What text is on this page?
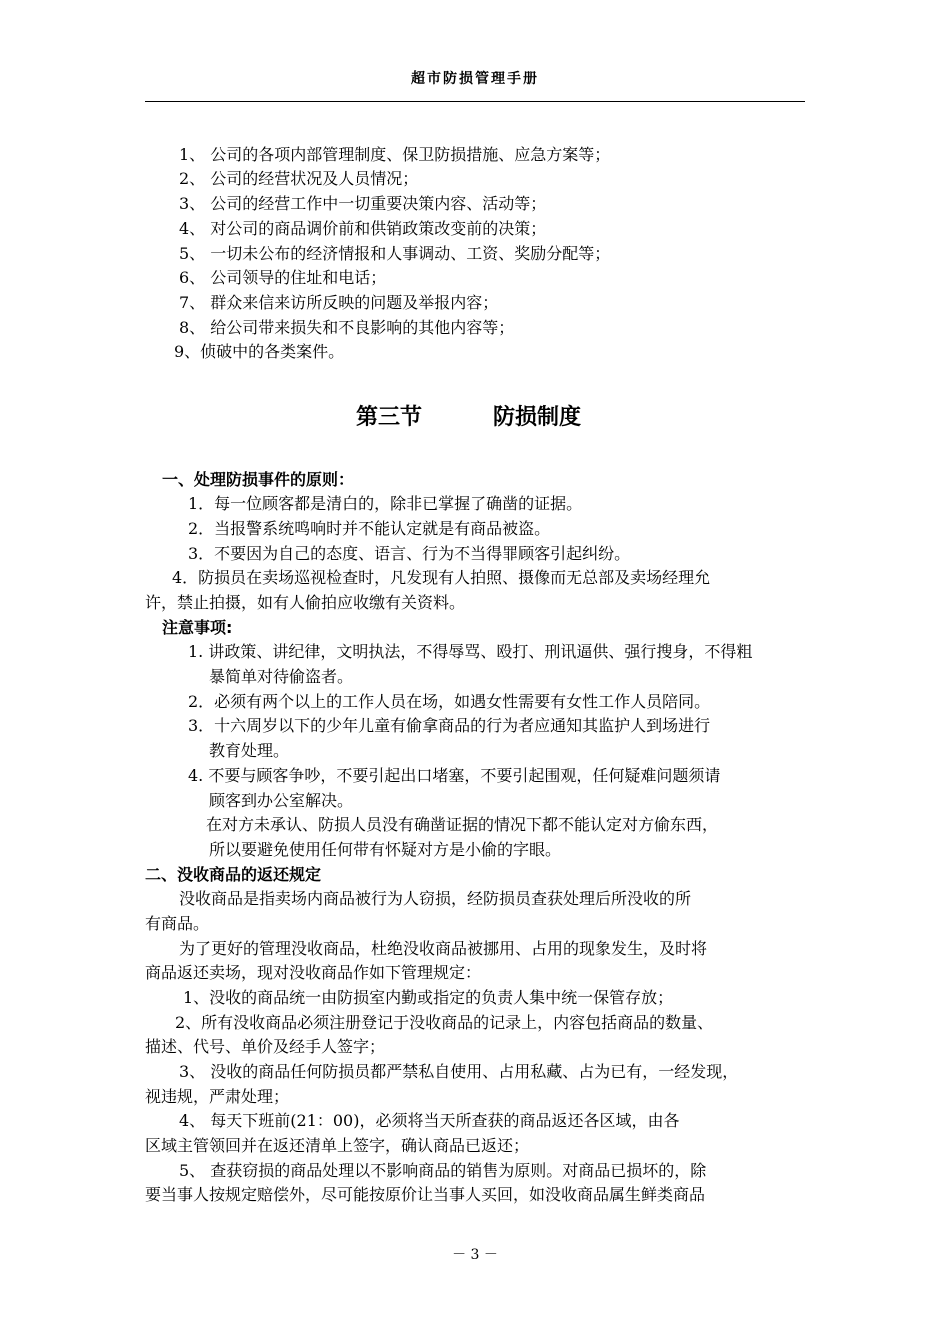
超市防损管理手册
1、 公司的各项内部管理制度、保卫防损措施、应急方案等；
2、 公司的经营状况及人员情况；
3、 公司的经营工作中一切重要决策内容、活动等；
4、 对公司的商品调价前和供销政策改变前的决策；
5、 一切未公布的经济情报和人事调动、工资、奖励分配等；
6、 公司领导的住址和电话；
7、 群众来信来访所反映的问题及举报内容；
8、 给公司带来损失和不良影响的其他内容等；
9、侦破中的各类案件。
第三节	防损制度
一、处理防损事件的原则：
1．每一位顾客都是清白的，除非已掌握了确凿的证据。
2．当报警系统鸣响时并不能认定就是有商品被盗。
3．不要因为自己的态度、语言、行为不当得罪顾客引起纠纷。
4．防损员在卖场巡视检查时，凡发现有人拍照、摄像而无总部及卖场经理允
许，禁止拍摄，如有人偷拍应收缴有关资料。
注意事项:
1. 讲政策、讲纪律，文明执法，不得辱骂、殴打、刑讯逼供、强行搜身，不得粗
暴简单对待偷盗者。
2．必须有两个以上的工作人员在场，如遇女性需要有女性工作人员陪同。
3．十六周岁以下的少年儿童有偷拿商品的行为者应通知其监护人到场进行
教育处理。
4. 不要与顾客争吵，不要引起出口堵塞，不要引起围观，任何疑难问题须请
顾客到办公室解决。
在对方未承认、防损人员没有确凿证据的情况下都不能认定对方偷东西，
所以要避免使用任何带有怀疑对方是小偷的字眼。
二、没收商品的返还规定
没收商品是指卖场内商品被行为人窃损，经防损员查获处理后所没收的所
有商品。
为了更好的管理没收商品，杜绝没收商品被挪用、占用的现象发生，及时将
商品返还卖场，现对没收商品作如下管理规定：
1、没收的商品统一由防损室内勤或指定的负责人集中统一保管存放；
2、所有没收商品必须注册登记于没收商品的记录上，内容包括商品的数量、
描述、代号、单价及经手人签字；
3、 没收的商品任何防损员都严禁私自使用、占用私藏、占为已有，一经发现，
视违规，严肃处理；
4、 每天下班前(21：00)，必须将当天所查获的商品返还各区域，由各
区域主管领回并在返还清单上签字，确认商品已返还；
5、 查获窃损的商品处理以不影响商品的销售为原则。对商品已损坏的，除
要当事人按规定赔偿外，尽可能按原价让当事人买回，如没收商品属生鲜类商品
－ 3 －
